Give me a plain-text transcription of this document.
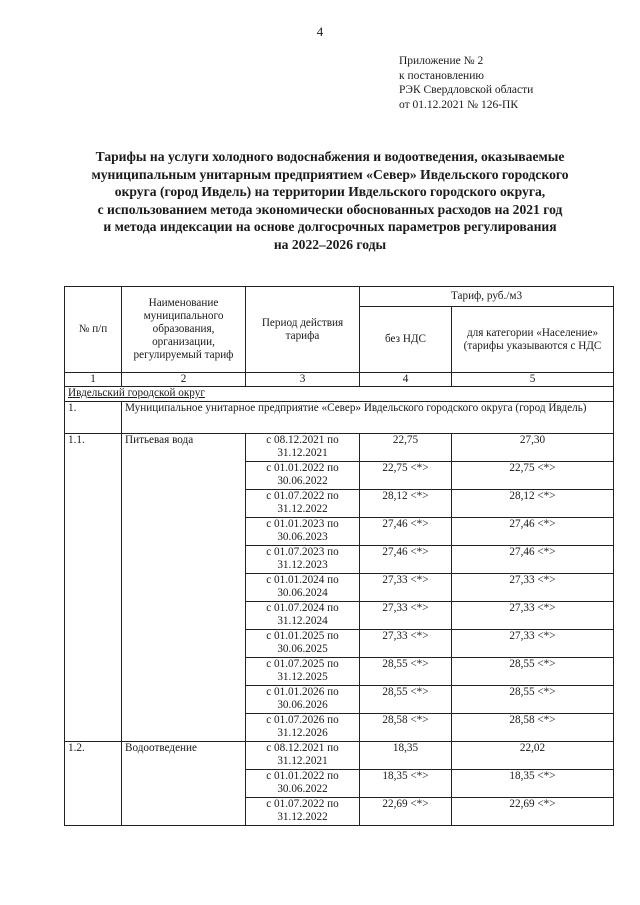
4
Приложение № 2
к постановлению
РЭК Свердловской области
от 01.12.2021 № 126-ПК
Тарифы на услуги холодного водоснабжения и водоотведения, оказываемые
муниципальным унитарным предприятием «Север» Ивдельского городского
округа (город Ивдель) на территории Ивдельского городского округа,
с использованием метода экономически обоснованных расходов на 2021 год
и метода индексации на основе долгосрочных параметров регулирования
на 2022–2026 годы
№ п/п	Наименование муниципального образования, организации, регулируемый тариф	Период действия тарифа	Тариф, руб./м3	
			без НДС	для категории «Население» (тарифы указываются с НДС
1	2	3	4	5
Ивдельский городской округ				
1.	Муниципальное унитарное предприятие «Север» Ивдельского городского округа (город Ивдель)			
1.1.	Питьевая вода	с 08.12.2021 по 31.12.2021	22,75	27,30
		с 01.01.2022 по 30.06.2022	22,75 <*>	22,75 <*>
		с 01.07.2022 по 31.12.2022	28,12 <*>	28,12 <*>
		с 01.01.2023 по 30.06.2023	27,46 <*>	27,46 <*>
		с 01.07.2023 по 31.12.2023	27,46 <*>	27,46 <*>
		с 01.01.2024 по 30.06.2024	27,33 <*>	27,33 <*>
		с 01.07.2024 по 31.12.2024	27,33 <*>	27,33 <*>
		с 01.01.2025 по 30.06.2025	27,33 <*>	27,33 <*>
		с 01.07.2025 по 31.12.2025	28,55 <*>	28,55 <*>
		с 01.01.2026 по 30.06.2026	28,55 <*>	28,55 <*>
		с 01.07.2026 по 31.12.2026	28,58 <*>	28,58 <*>
1.2.	Водоотведение	с 08.12.2021 по 31.12.2021	18,35	22,02
		с 01.01.2022 по 30.06.2022	18,35 <*>	18,35 <*>
		с 01.07.2022 по 31.12.2022	22,69 <*>	22,69 <*>
